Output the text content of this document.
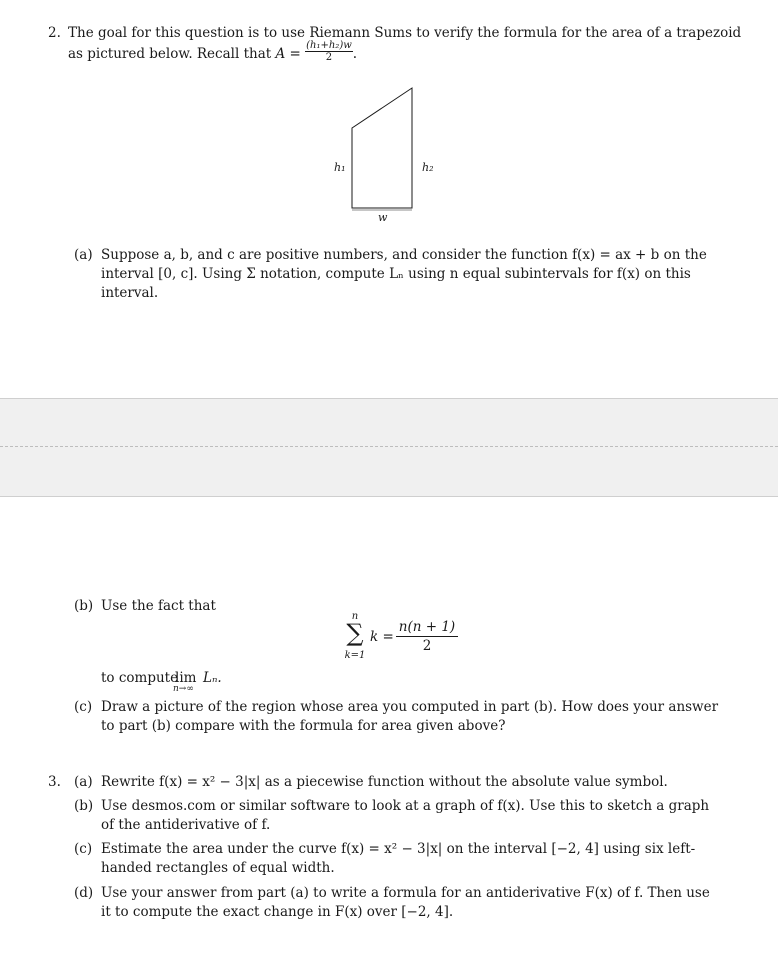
2. The goal for this question is to use Riemann Sums to verify the formula for the area of a trapezoid
as pictured below. Recall that $A = \frac{\text{(h₁+h₂)w}}{2}$ .
h₁	h₂
w
(a) Suppose a, b, and c are positive numbers, and consider the function f(x) = ax + b on the
interval [0, c]. Using Σ notation, compute Lₙ using n equal subintervals for f(x) on this
interval.
(b) Use the fact that
n
∑
k=1
$k = \frac{n(n + 1)}{2}$
to compute
lim
n→∞
Lₙ.
(c) Draw a picture of the region whose area you computed in part (b). How does your answer
to part (b) compare with the formula for area given above?
3. (a) Rewrite f(x) = x² − 3|x| as a piecewise function without the absolute value symbol.
(b) Use desmos.com or similar software to look at a graph of f(x). Use this to sketch a graph
of the antiderivative of f.
(c) Estimate the area under the curve f(x) = x² − 3|x| on the interval [−2, 4] using six left-
handed rectangles of equal width.
(d) Use your answer from part (a) to write a formula for an antiderivative F(x) of f. Then use
it to compute the exact change in F(x) over [−2, 4].
